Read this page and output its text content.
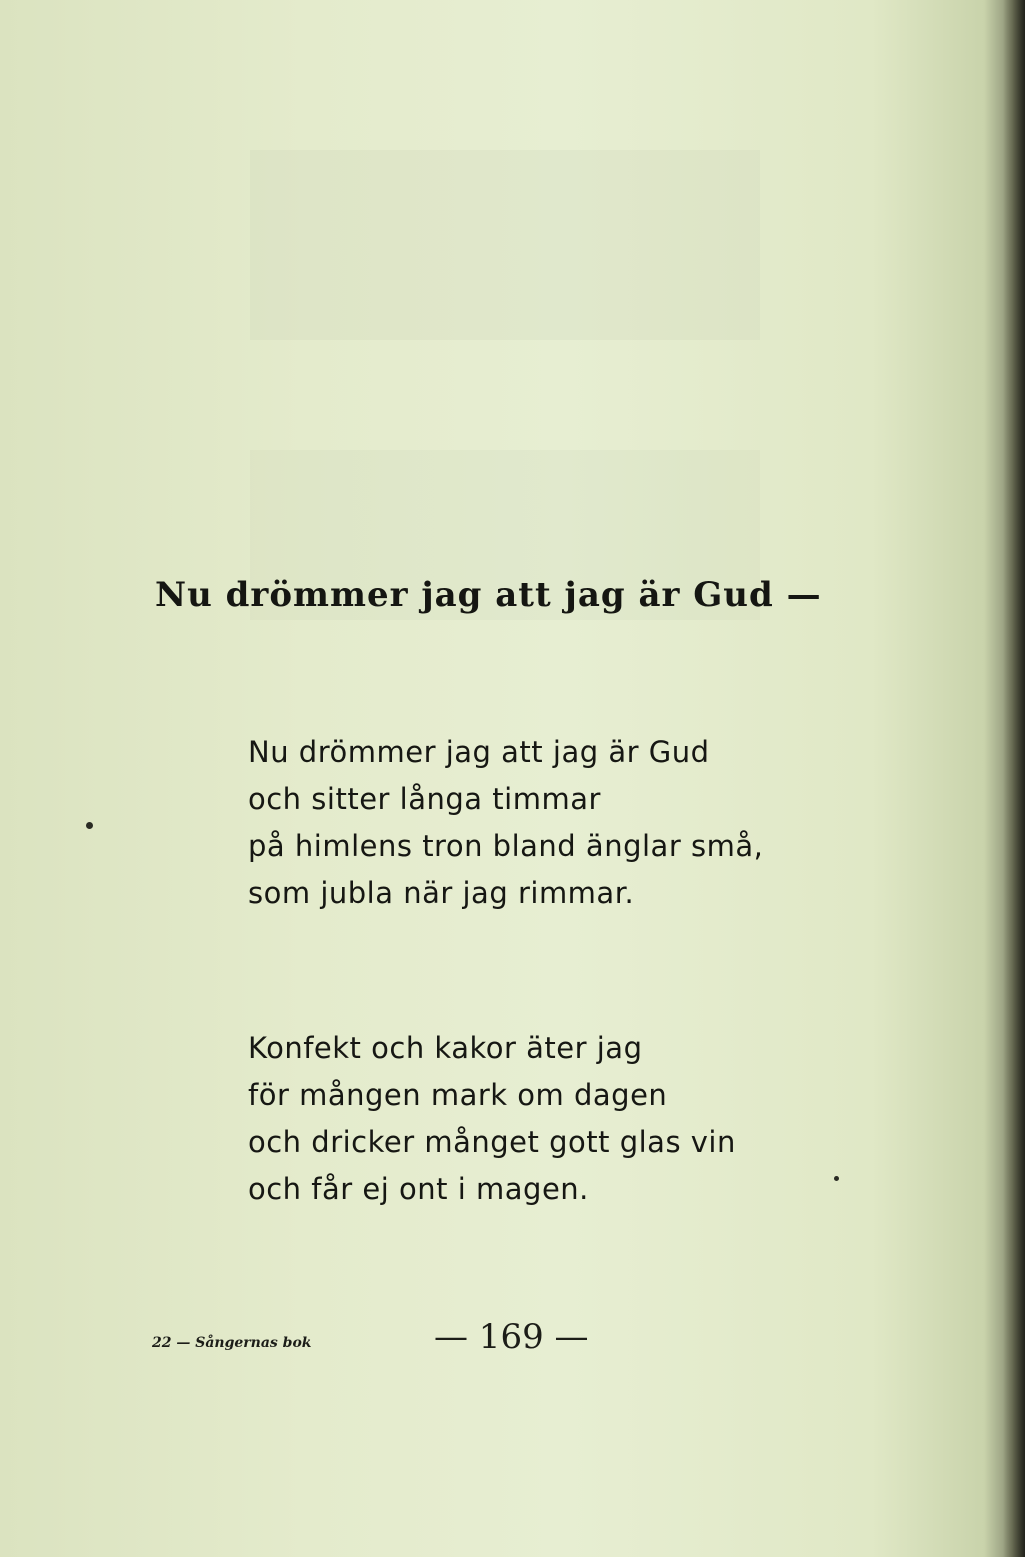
Nu drömmer jag att jag är Gud —
Nu drömmer jag att jag är Gud
och sitter långa timmar
på himlens tron bland änglar små,
som jubla när jag rimmar.
Konfekt och kakor äter jag
för mången mark om dagen
och dricker månget gott glas vin
och får ej ont i magen.
22 — Sångernas bok	— 169 —
